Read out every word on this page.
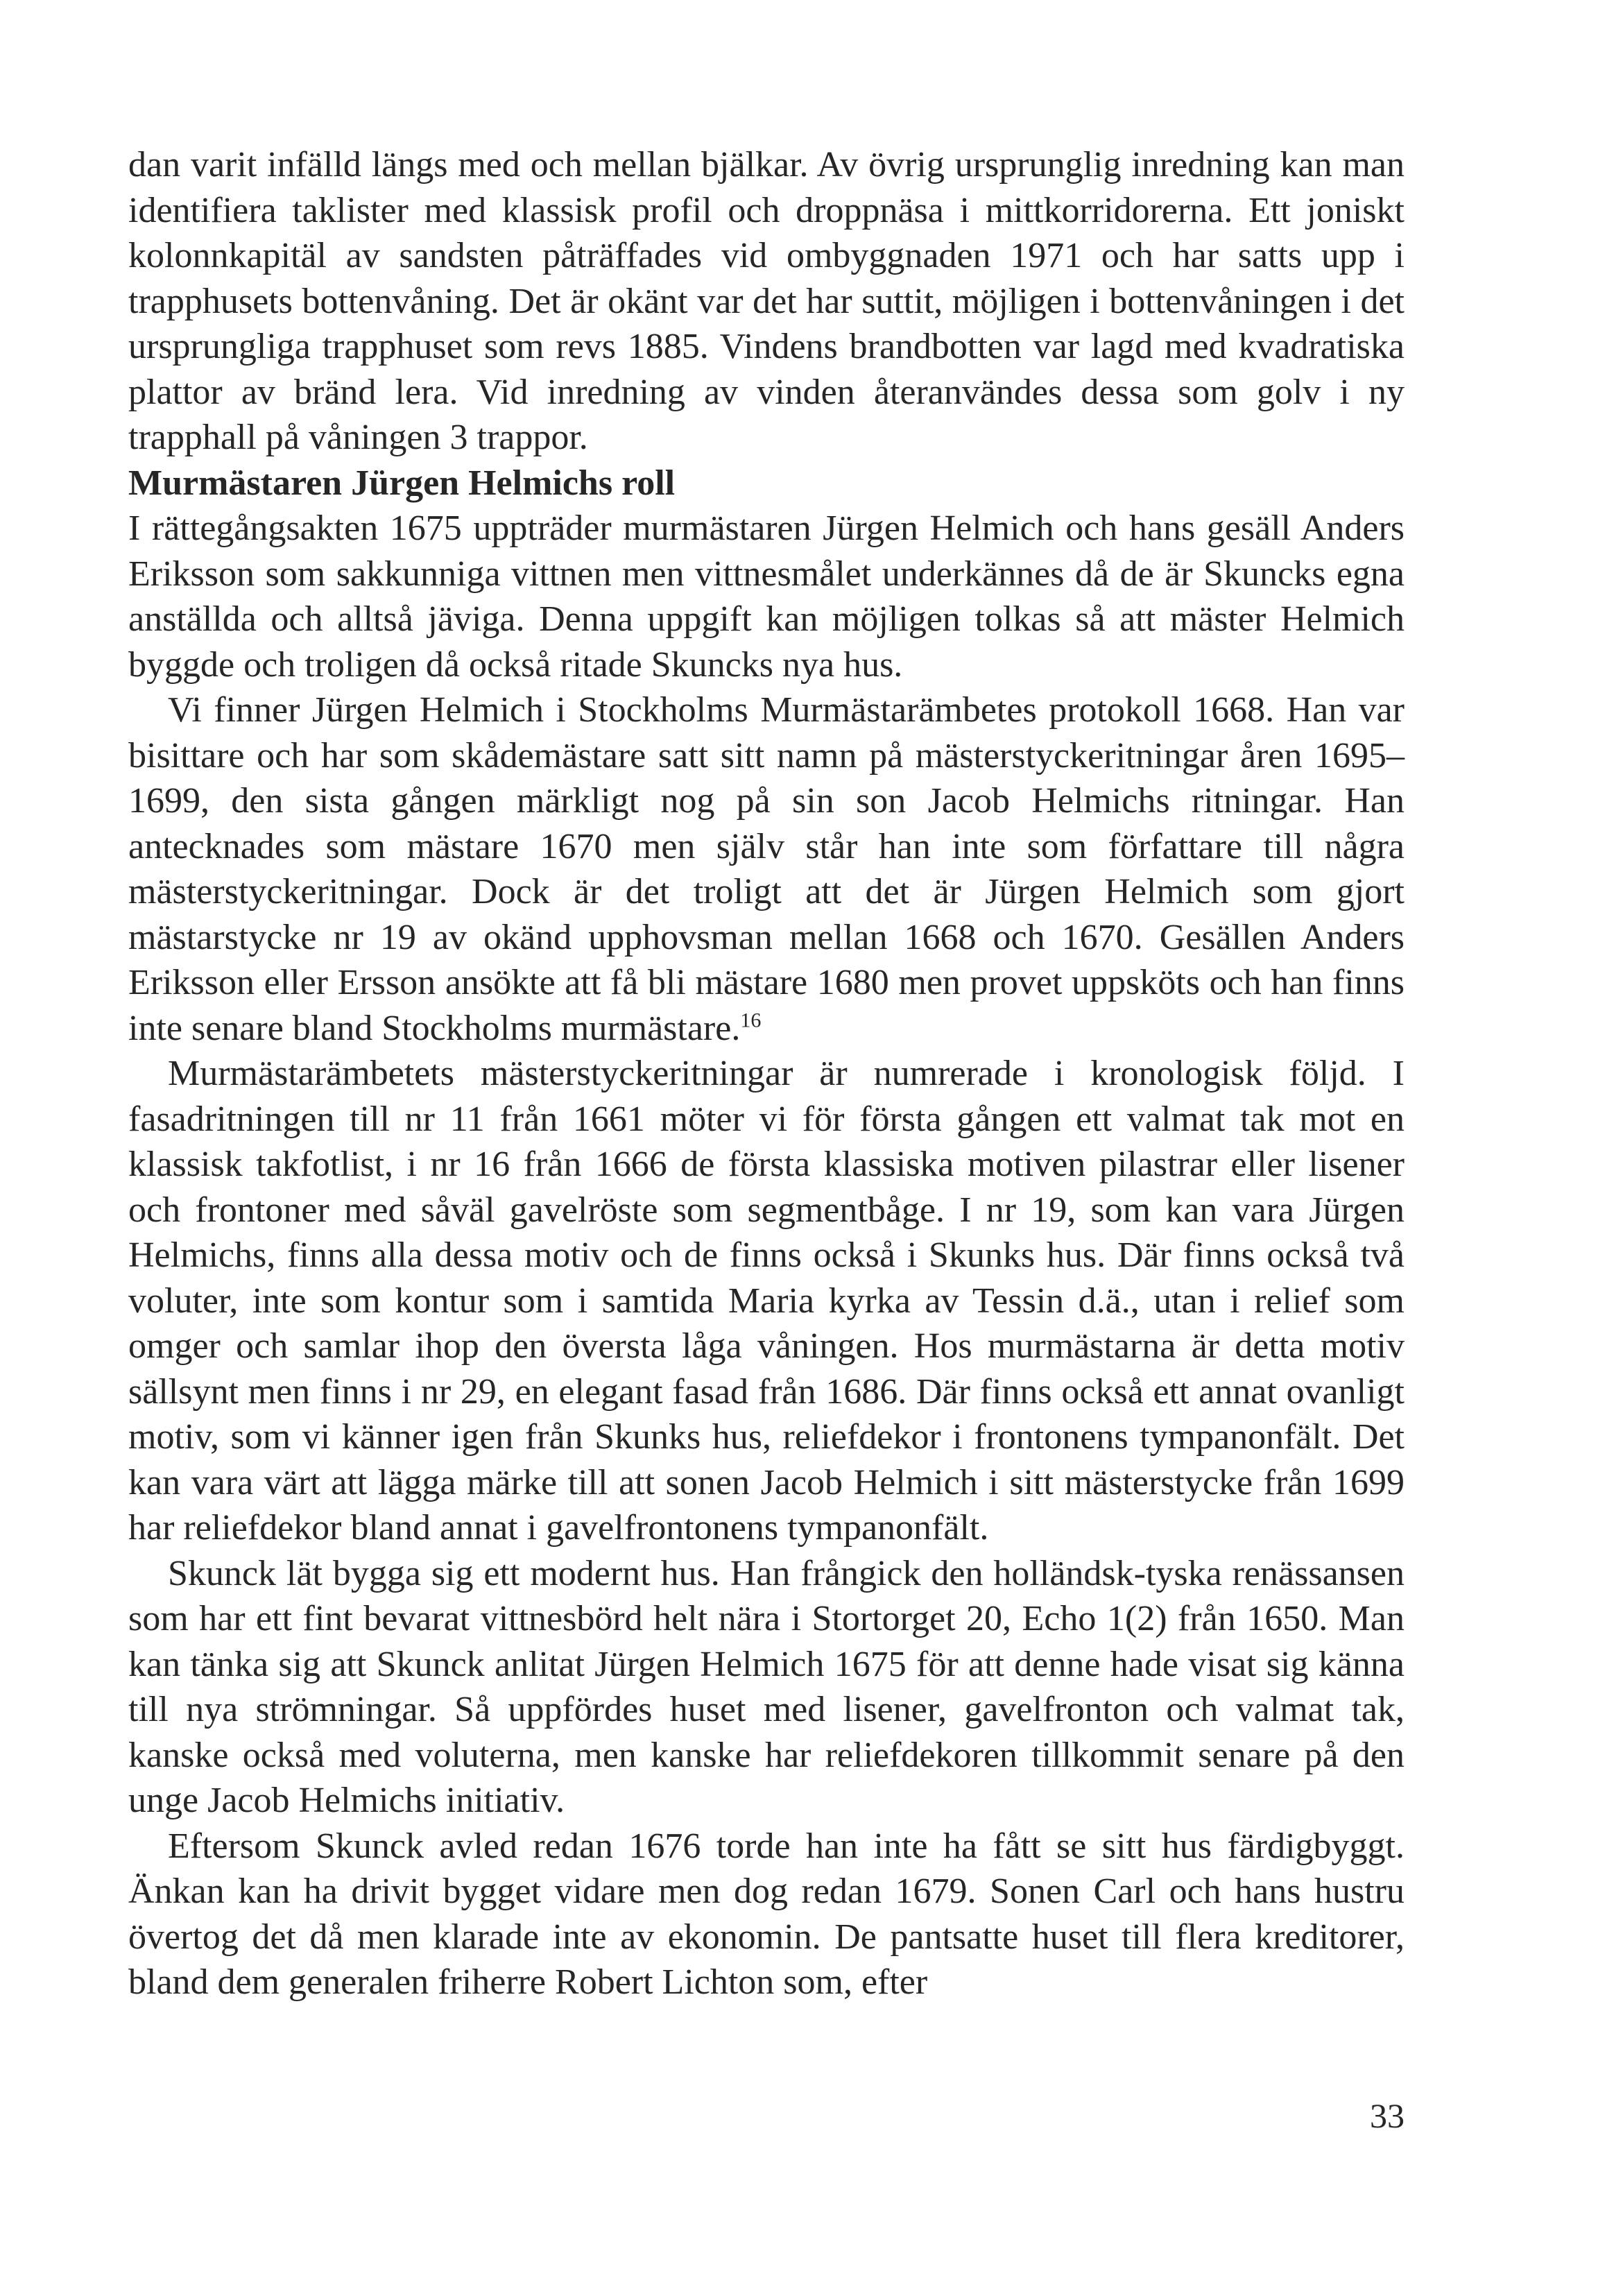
dan varit infälld längs med och mellan bjälkar. Av övrig ursprunglig inredning kan man identifiera taklister med klassisk profil och droppnäsa i mittkorridorerna. Ett joniskt kolonnkapitäl av sandsten påträffades vid ombyggnaden 1971 och har satts upp i trapphusets bottenvåning. Det är okänt var det har suttit, möjligen i bottenvåningen i det ursprungliga trapphuset som revs 1885. Vindens brandbotten var lagd med kvadratiska plattor av bränd lera. Vid inredning av vinden återanvändes dessa som golv i ny trapphall på våningen 3 trappor.

Murmästaren Jürgen Helmichs roll

I rättegångsakten 1675 uppträder murmästaren Jürgen Helmich och hans gesäll Anders Eriksson som sakkunniga vittnen men vittnesmålet underkännes då de är Skuncks egna anställda och alltså jäviga. Denna uppgift kan möjligen tolkas så att mäster Helmich byggde och troligen då också ritade Skuncks nya hus.

Vi finner Jürgen Helmich i Stockholms Murmästarämbetes protokoll 1668. Han var bisittare och har som skådemästare satt sitt namn på mästerstyckeritningar åren 1695–1699, den sista gången märkligt nog på sin son Jacob Helmichs ritningar. Han antecknades som mästare 1670 men själv står han inte som författare till några mästerstyckeritningar. Dock är det troligt att det är Jürgen Helmich som gjort mästarstycke nr 19 av okänd upphovsman mellan 1668 och 1670. Gesällen Anders Eriksson eller Ersson ansökte att få bli mästare 1680 men provet uppsköts och han finns inte senare bland Stockholms murmästare.$^{16}$

Murmästarämbetets mästerstyckeritningar är numrerade i kronologisk följd. I fasadritningen till nr 11 från 1661 möter vi för första gången ett valmat tak mot en klassisk takfotlist, i nr 16 från 1666 de första klassiska motiven pilastrar eller lisener och frontoner med såväl gavelröste som segmentbåge. I nr 19, som kan vara Jürgen Helmichs, finns alla dessa motiv och de finns också i Skunks hus. Där finns också två voluter, inte som kontur som i samtida Maria kyrka av Tessin d.ä., utan i relief som omger och samlar ihop den översta låga våningen. Hos murmästarna är detta motiv sällsynt men finns i nr 29, en elegant fasad från 1686. Där finns också ett annat ovanligt motiv, som vi känner igen från Skunks hus, reliefdekor i frontonens tympanonfält. Det kan vara värt att lägga märke till att sonen Jacob Helmich i sitt mästerstycke från 1699 har reliefdekor bland annat i gavelfrontonens tympanonfält.

Skunck lät bygga sig ett modernt hus. Han frångick den holländsk-tyska renässansen som har ett fint bevarat vittnesbörd helt nära i Stortorget 20, Echo 1(2) från 1650. Man kan tänka sig att Skunck anlitat Jürgen Helmich 1675 för att denne hade visat sig känna till nya strömningar. Så uppfördes huset med lisener, gavelfronton och valmat tak, kanske också med voluterna, men kanske har reliefdekoren tillkommit senare på den unge Jacob Helmichs initiativ.

Eftersom Skunck avled redan 1676 torde han inte ha fått se sitt hus färdigbyggt. Änkan kan ha drivit bygget vidare men dog redan 1679. Sonen Carl och hans hustru övertog det då men klarade inte av ekonomin. De pantsatte huset till flera kreditorer, bland dem generalen friherre Robert Lichton som, efter

33
